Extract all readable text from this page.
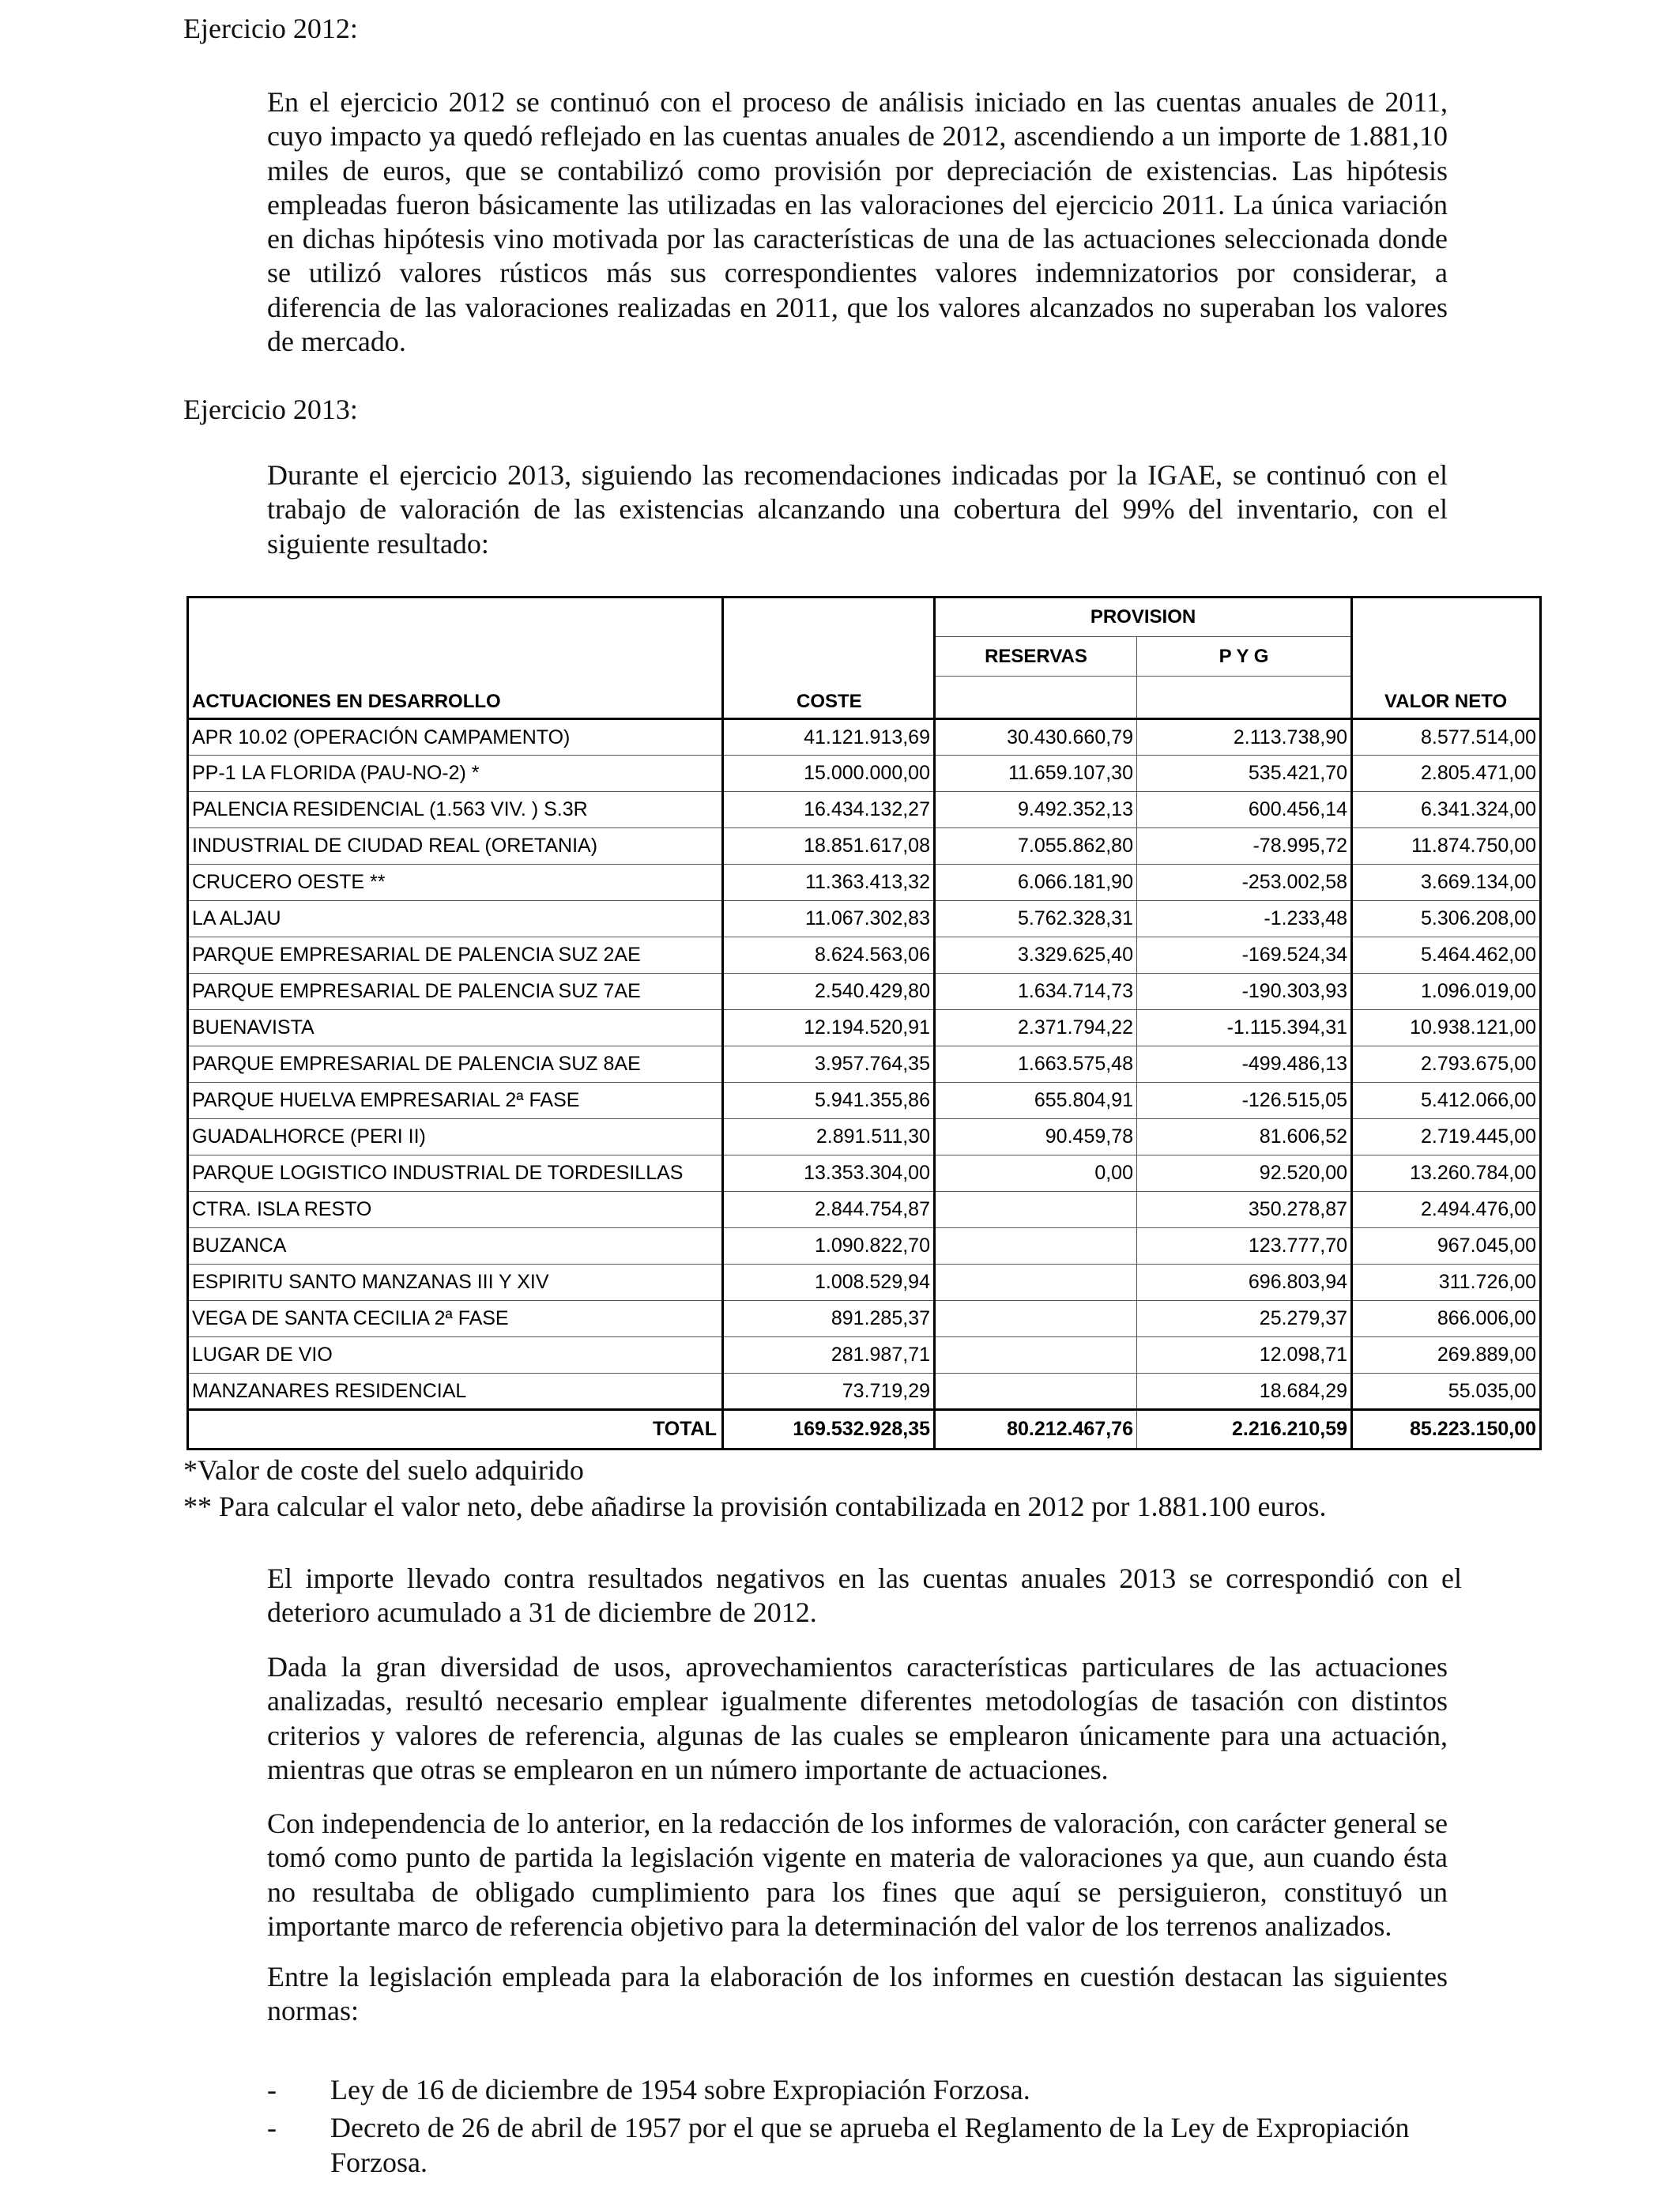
Ejercicio 2012:

En el ejercicio 2012 se continuó con el proceso de análisis iniciado en las cuentas anuales de 2011, cuyo impacto ya quedó reflejado en las cuentas anuales de 2012, ascendiendo a un importe de 1.881,10 miles de euros, que se contabilizó como provisión por depreciación de existencias. Las hipótesis empleadas fueron básicamente las utilizadas en las valoraciones del ejercicio 2011. La única variación en dichas hipótesis vino motivada por las características de una de las actuaciones seleccionada donde se utilizó valores rústicos más sus correspondientes valores indemnizatorios por considerar, a diferencia de las valoraciones realizadas en 2011, que los valores alcanzados no superaban los valores de mercado.

Ejercicio 2013:

Durante el ejercicio 2013, siguiendo las recomendaciones indicadas por la IGAE, se continuó con el trabajo de valoración de las existencias alcanzando una cobertura del 99% del inventario, con el siguiente resultado:

		PROVISION		
		RESERVAS	P Y G	
ACTUACIONES EN DESARROLLO	COSTE			VALOR NETO
APR 10.02 (OPERACIÓN CAMPAMENTO)	41.121.913,69	30.430.660,79	2.113.738,90	8.577.514,00
PP-1 LA FLORIDA (PAU-NO-2) *	15.000.000,00	11.659.107,30	535.421,70	2.805.471,00
PALENCIA RESIDENCIAL (1.563 VIV. ) S.3R	16.434.132,27	9.492.352,13	600.456,14	6.341.324,00
INDUSTRIAL DE CIUDAD REAL (ORETANIA)	18.851.617,08	7.055.862,80	-78.995,72	11.874.750,00
CRUCERO OESTE **	11.363.413,32	6.066.181,90	-253.002,58	3.669.134,00
LA ALJAU	11.067.302,83	5.762.328,31	-1.233,48	5.306.208,00
PARQUE EMPRESARIAL DE PALENCIA SUZ 2AE	8.624.563,06	3.329.625,40	-169.524,34	5.464.462,00
PARQUE EMPRESARIAL DE PALENCIA SUZ 7AE	2.540.429,80	1.634.714,73	-190.303,93	1.096.019,00
BUENAVISTA	12.194.520,91	2.371.794,22	-1.115.394,31	10.938.121,00
PARQUE EMPRESARIAL DE PALENCIA SUZ 8AE	3.957.764,35	1.663.575,48	-499.486,13	2.793.675,00
PARQUE HUELVA EMPRESARIAL 2ª FASE	5.941.355,86	655.804,91	-126.515,05	5.412.066,00
GUADALHORCE (PERI II)	2.891.511,30	90.459,78	81.606,52	2.719.445,00
PARQUE LOGISTICO INDUSTRIAL DE TORDESILLAS	13.353.304,00	0,00	92.520,00	13.260.784,00
CTRA. ISLA RESTO	2.844.754,87		350.278,87	2.494.476,00
BUZANCA	1.090.822,70		123.777,70	967.045,00
ESPIRITU SANTO MANZANAS III Y XIV	1.008.529,94		696.803,94	311.726,00
VEGA DE SANTA CECILIA 2ª FASE	891.285,37		25.279,37	866.006,00
LUGAR DE VIO	281.987,71		12.098,71	269.889,00
MANZANARES RESIDENCIAL	73.719,29		18.684,29	55.035,00
TOTAL	169.532.928,35	80.212.467,76	2.216.210,59	85.223.150,00
*Valor de coste del suelo adquirido
** Para calcular el valor neto, debe añadirse la provisión contabilizada en 2012 por 1.881.100 euros.

El importe llevado contra resultados negativos en las cuentas anuales 2013 se correspondió con el deterioro acumulado a 31 de diciembre de 2012.

Dada la gran diversidad de usos, aprovechamientos características particulares de las actuaciones analizadas, resultó necesario emplear igualmente diferentes metodologías de tasación con distintos criterios y valores de referencia, algunas de las cuales se emplearon únicamente para una actuación, mientras que otras se emplearon en un número importante de actuaciones.

Con independencia de lo anterior, en la redacción de los informes de valoración, con carácter general se tomó como punto de partida la legislación vigente en materia de valoraciones ya que, aun cuando ésta no resultaba de obligado cumplimiento para los fines que aquí se persiguieron, constituyó un importante marco de referencia objetivo para la determinación del valor de los terrenos analizados.

Entre la legislación empleada para la elaboración de los informes en cuestión destacan las siguientes normas:

- Ley de 16 de diciembre de 1954 sobre Expropiación Forzosa.
- Decreto de 26 de abril de 1957 por el que se aprueba el Reglamento de la Ley de Expropiación Forzosa.
